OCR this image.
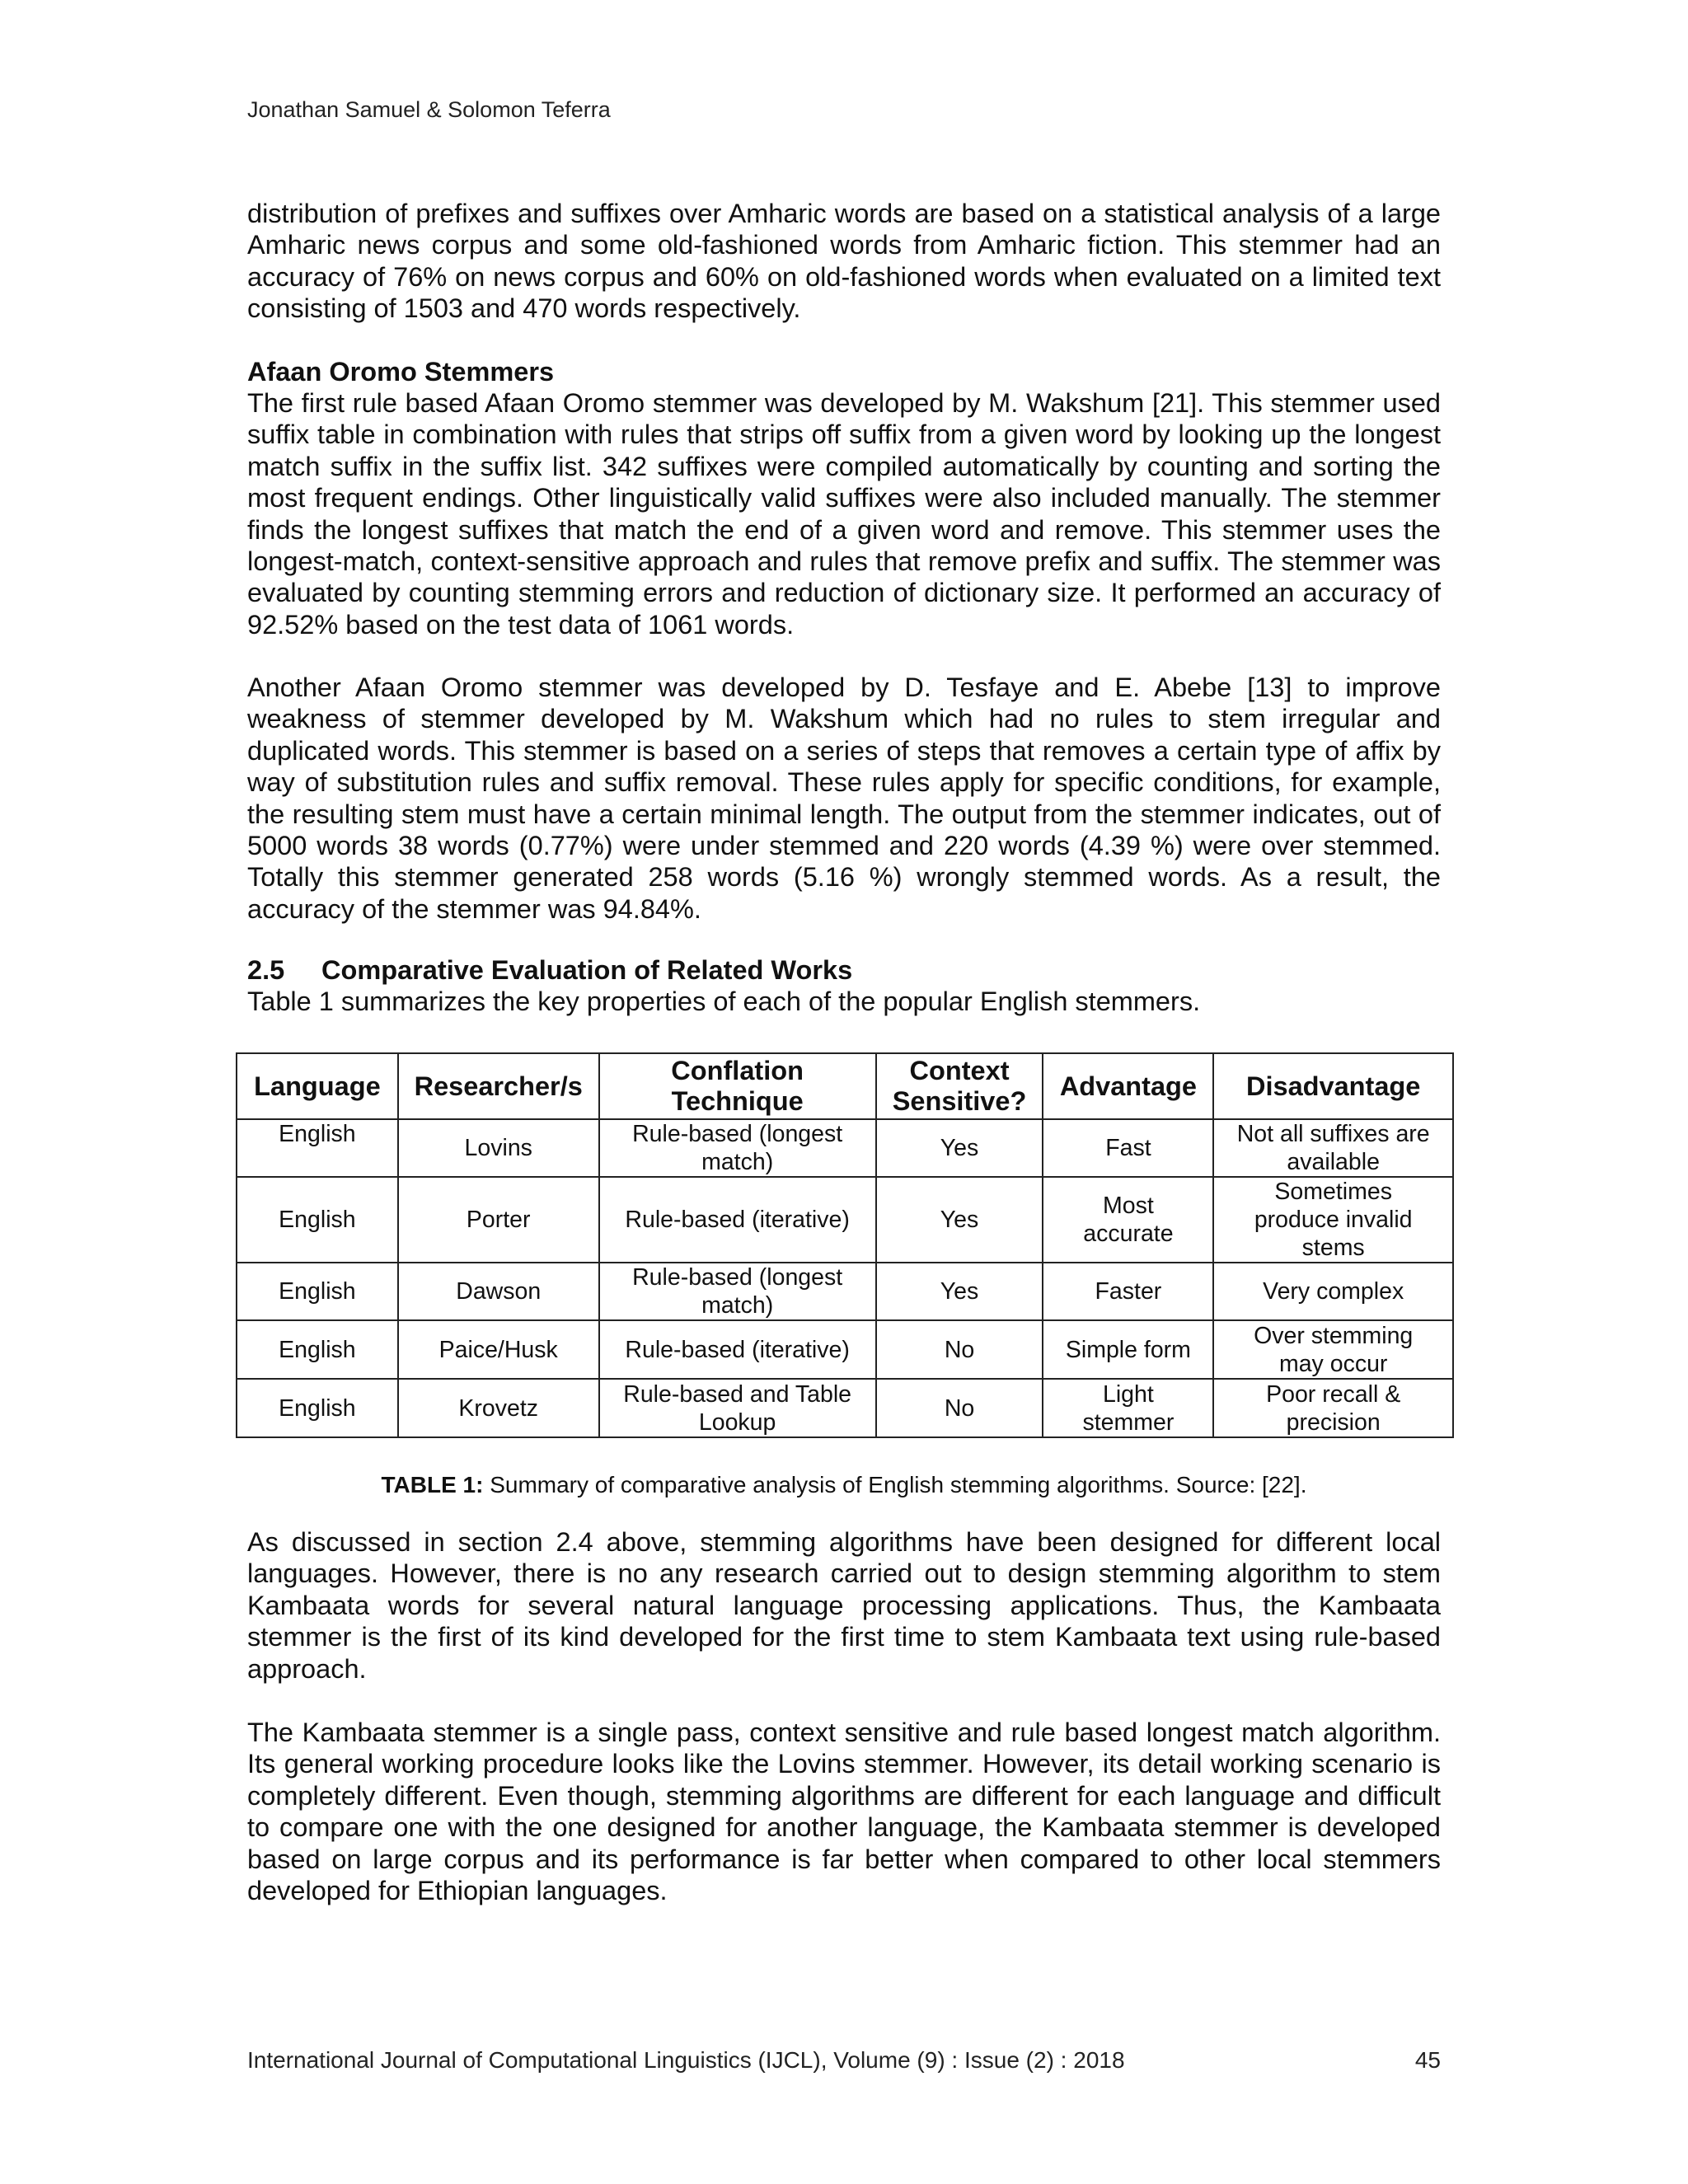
Jonathan Samuel & Solomon Teferra

distribution of prefixes and suffixes over Amharic words are based on a statistical analysis of a large Amharic news corpus and some old-fashioned words from Amharic fiction. This stemmer had an accuracy of 76% on news corpus and 60% on old-fashioned words when evaluated on a limited text consisting of 1503 and 470 words respectively.

Afaan Oromo Stemmers

The first rule based Afaan Oromo stemmer was developed by M. Wakshum [21]. This stemmer used suffix table in combination with rules that strips off suffix from a given word by looking up the longest match suffix in the suffix list. 342 suffixes were compiled automatically by counting and sorting the most frequent endings. Other linguistically valid suffixes were also included manually. The stemmer finds the longest suffixes that match the end of a given word and remove. This stemmer uses the longest-match, context-sensitive approach and rules that remove prefix and suffix. The stemmer was evaluated by counting stemming errors and reduction of dictionary size. It performed an accuracy of 92.52% based on the test data of 1061 words.

Another Afaan Oromo stemmer was developed by D. Tesfaye and E. Abebe [13] to improve weakness of stemmer developed by M. Wakshum which had no rules to stem irregular and duplicated words. This stemmer is based on a series of steps that removes a certain type of affix by way of substitution rules and suffix removal. These rules apply for specific conditions, for example, the resulting stem must have a certain minimal length. The output from the stemmer indicates, out of 5000 words 38 words (0.77%) were under stemmed and 220 words (4.39 %) were over stemmed. Totally this stemmer generated 258 words (5.16 %) wrongly stemmed words. As a result, the accuracy of the stemmer was 94.84%.

2.5 Comparative Evaluation of Related Works

Table 1 summarizes the key properties of each of the popular English stemmers.

Language	Researcher/s	Conflation Technique	Context Sensitive?	Advantage	Disadvantage
English	Lovins	Rule-based (longest match)	Yes	Fast	Not all suffixes are available
English	Porter	Rule-based (iterative)	Yes	Most accurate	Sometimes produce invalid stems
English	Dawson	Rule-based (longest match)	Yes	Faster	Very complex
English	Paice/Husk	Rule-based (iterative)	No	Simple form	Over stemming may occur
English	Krovetz	Rule-based and Table Lookup	No	Light stemmer	Poor recall & precision
TABLE 1: Summary of comparative analysis of English stemming algorithms. Source: [22].

As discussed in section 2.4 above, stemming algorithms have been designed for different local languages. However, there is no any research carried out to design stemming algorithm to stem Kambaata words for several natural language processing applications. Thus, the Kambaata stemmer is the first of its kind developed for the first time to stem Kambaata text using rule-based approach.

The Kambaata stemmer is a single pass, context sensitive and rule based longest match algorithm. Its general working procedure looks like the Lovins stemmer. However, its detail working scenario is completely different. Even though, stemming algorithms are different for each language and difficult to compare one with the one designed for another language, the Kambaata stemmer is developed based on large corpus and its performance is far better when compared to other local stemmers developed for Ethiopian languages.

International Journal of Computational Linguistics (IJCL), Volume (9) : Issue (2) : 2018	45
